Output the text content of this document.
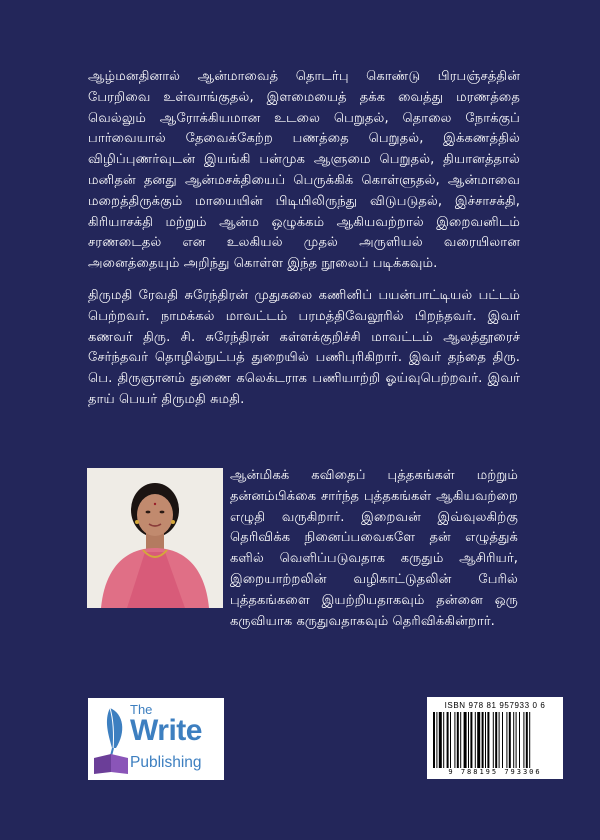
ஆழ்மனதினால் ஆன்மாவைத் தொடர்பு கொண்டு பிரபஞ்சத்தின் பேரறிவை உள்வாங்குதல், இளமையைத் தக்க வைத்து மரணத்தை வெல்லும் ஆரோக்கியமான உடலை பெறுதல், தொலை நோக்குப் பார்வையால் தேவைக்கேற்ற பணத்தை பெறுதல், இக்கணத்தில் விழிப்புணர்வுடன் இயங்கி பன்முக ஆளுமை பெறுதல், தியானத்தால் மனிதன் தனது ஆன்மசக்தியைப் பெருக்கிக் கொள்ளுதல், ஆன்மாவை மறைத்திருக்கும் மாயையின் பிடியிலிருந்து விடுபடுதல், இச்சாசக்தி, கிரியாசக்தி மற்றும் ஆன்ம ஒழுக்கம் ஆகியவற்றால் இறைவனிடம் சரணடைதல் என உலகியல் முதல் அருளியல் வரையிலான அனைத்தையும் அறிந்து கொள்ள இந்த நூலைப் படிக்கவும்.

திருமதி ரேவதி சுரேந்திரன் முதுகலை கணினிப் பயன்பாட்டியல் பட்டம் பெற்றவர். நாமக்கல் மாவட்டம் பரமத்திவேலூரில் பிறந்தவர். இவர் கணவர் திரு. சி. சுரேந்திரன் கள்ளக்குறிச்சி மாவட்டம் ஆலத்தூரைச் சேர்ந்தவர் தொழில்நுட்பத் துறையில் பணிபுரிகிறார். இவர் தந்தை திரு. பெ. திருஞானம் துணை கலெக்டராக பணியாற்றி ஓய்வுபெற்றவர். இவர் தாய் பெயர் திருமதி சுமதி.

ஆன்மிகக் கவிதைப் புத்தகங்கள் மற்றும் தன்னம்பிக்கை சார்ந்த புத்தகங்கள் ஆகியவற்றை எழுதி வருகிறார். இறைவன் இவ்வுலகிற்கு தெரிவிக்க நினைப்பவைகளே தன் எழுத்துக் களில் வெளிப்படுவதாக கருதும் ஆசிரியர், இறையாற்றலின் வழிகாட்டுதலின் பேரில் புத்தகங்களை இயற்றியதாகவும் தன்னை ஒரு கருவியாக கருதுவதாகவும் தெரிவிக்கின்றார்.

The
Write
Publishing
ISBN 978 81 957933 0 6
9 788195 793306
